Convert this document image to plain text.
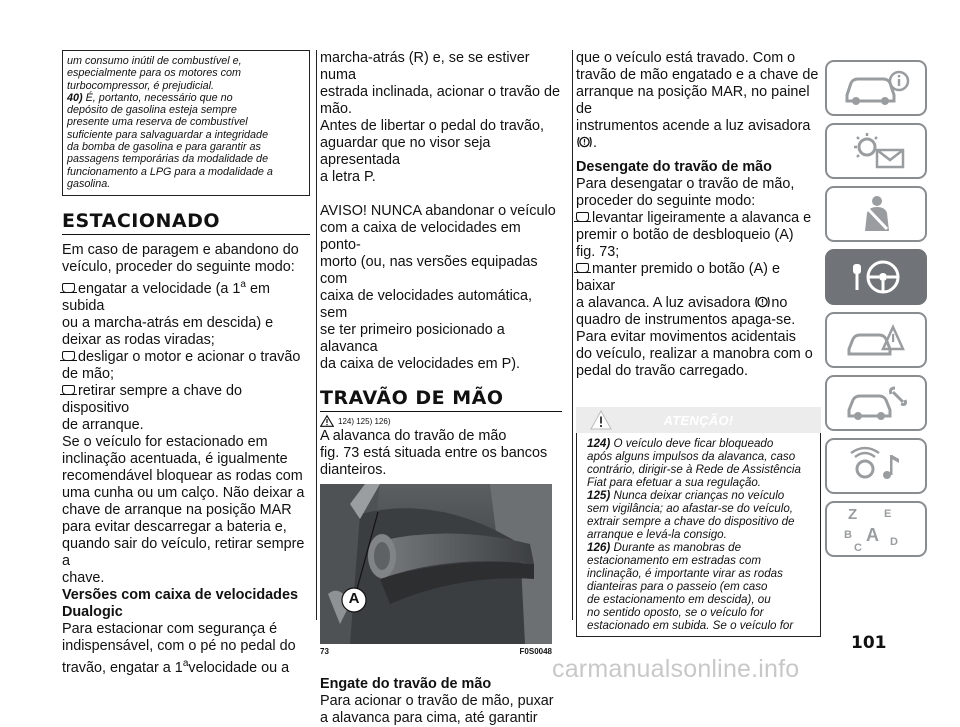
um consumo inútil de combustível e,

especialmente para os motores com

turbocompressor, é prejudicial.

40) É, portanto, necessário que no

depósito de gasolina esteja sempre

presente uma reserva de combustível

suficiente para salvaguardar a integridade

da bomba de gasolina e para garantir as

passagens temporárias da modalidade de

funcionamento a LPG para a modalidade a

gasolina.

ESTACIONADO

Em caso de paragem e abandono do

veículo, proceder do seguinte modo:

engatar a velocidade (a 1$^a$ em subida

ou a marcha-atrás em descida) e

deixar as rodas viradas;

desligar o motor e acionar o travão

de mão;

retirar sempre a chave do dispositivo

de arranque.

Se o veículo for estacionado em

inclinação acentuada, é igualmente

recomendável bloquear as rodas com

uma cunha ou um calço. Não deixar a

chave de arranque na posição MAR

para evitar descarregar a bateria e,

quando sair do veículo, retirar sempre a

chave.

Versões com caixa de velocidades

Dualogic

Para estacionar com segurança é

indispensável, com o pé no pedal do

travão, engatar a 1$^a$velocidade ou a

marcha-atrás (R) e, se se estiver numa

estrada inclinada, acionar o travão de

mão.

Antes de libertar o pedal do travão,

aguardar que no visor seja apresentada

a letra P.

AVISO! NUNCA abandonar o veículo

com a caixa de velocidades em ponto-

morto (ou, nas versões equipadas com

caixa de velocidades automática, sem

se ter primeiro posicionado a alavanca

da caixa de velocidades em P).

TRAVÃO DE MÃO
124) 125) 126)

A alavanca do travão de mão

fig. 73 está situada entre os bancos

dianteiros.

A
73	F0S0048

Engate do travão de mão

Para acionar o travão de mão, puxar

a alavanca para cima, até garantir

que o veículo está travado. Com o

travão de mão engatado e a chave de

arranque na posição MAR, no painel de

instrumentos acende a luz avisadora

.

Desengate do travão de mão

Para desengatar o travão de mão,

proceder do seguinte modo:

levantar ligeiramente a alavanca e

premir o botão de desbloqueio (A)

fig. 73;

manter premido o botão (A) e baixar

a alavanca. A luz avisadora no

quadro de instrumentos apaga-se.

Para evitar movimentos acidentais

do veículo, realizar a manobra com o

pedal do travão carregado.

ATENÇÃO!

124) O veículo deve ficar bloqueado

após alguns impulsos da alavanca, caso

contrário, dirigir-se à Rede de Assistência

Fiat para efetuar a sua regulação.

125) Nunca deixar crianças no veículo

sem vigilância; ao afastar-se do veículo,

extrair sempre a chave do dispositivo de

arranque e levá-la consigo.

126) Durante as manobras de

estacionamento em estradas com

inclinação, é importante virar as rodas

dianteiras para o passeio (em caso

de estacionamento em descida), ou

no sentido oposto, se o veículo for

estacionado em subida. Se o veículo for

Z E
B A
C	D
101
carmanualsonline.info
